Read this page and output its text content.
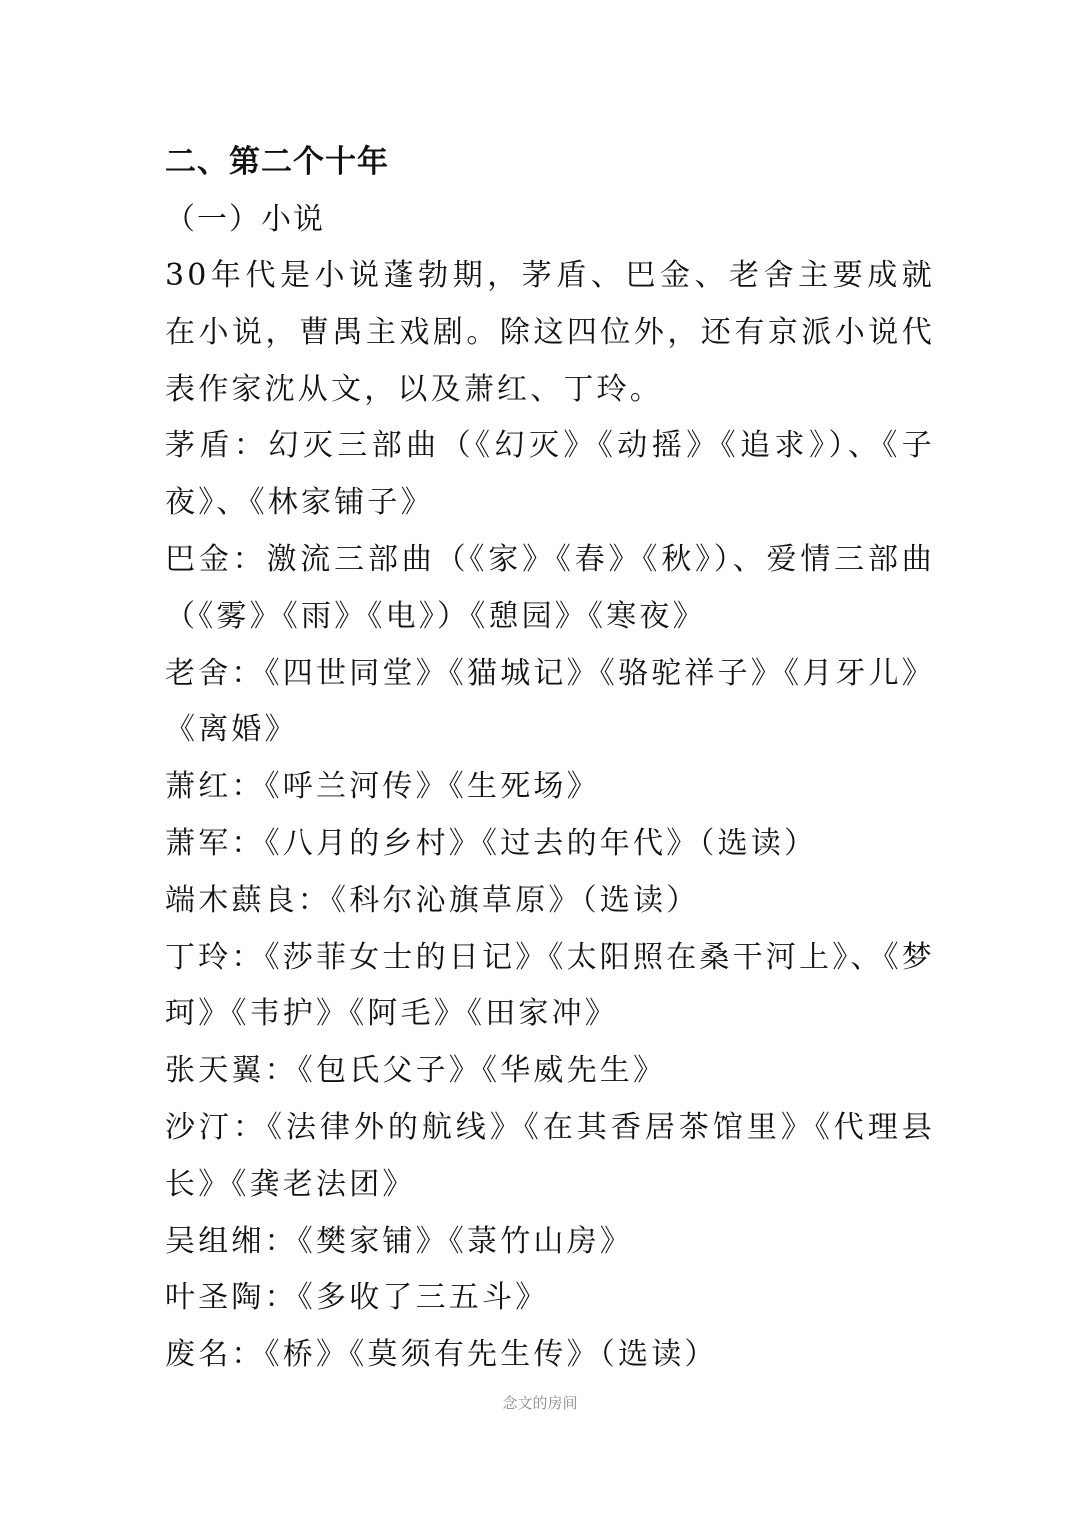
二、第二个十年
（一）小说

30年代是小说蓬勃期，茅盾、巴金、老舍主要成就在小说，曹禺主戏剧。除这四位外，还有京派小说代表作家沈从文，以及萧红、丁玲。

茅盾：幻灭三部曲（《幻灭》《动摇》《追求》）、《子夜》、《林家铺子》

巴金：激流三部曲（《家》《春》《秋》）、爱情三部曲（《雾》《雨》《电》）《憩园》《寒夜》

老舍：《四世同堂》《猫城记》《骆驼祥子》《月牙儿》《离婚》

萧红：《呼兰河传》《生死场》

萧军：《八月的乡村》《过去的年代》（选读）

端木蕻良：《科尔沁旗草原》（选读）

丁玲：《莎菲女士的日记》《太阳照在桑干河上》、《梦珂》《韦护》《阿毛》《田家冲》

张天翼：《包氏父子》《华威先生》

沙汀：《法律外的航线》《在其香居茶馆里》《代理县长》《龚老法团》

吴组缃：《樊家铺》《菉竹山房》

叶圣陶：《多收了三五斗》

废名：《桥》《莫须有先生传》（选读）

念文的房间
